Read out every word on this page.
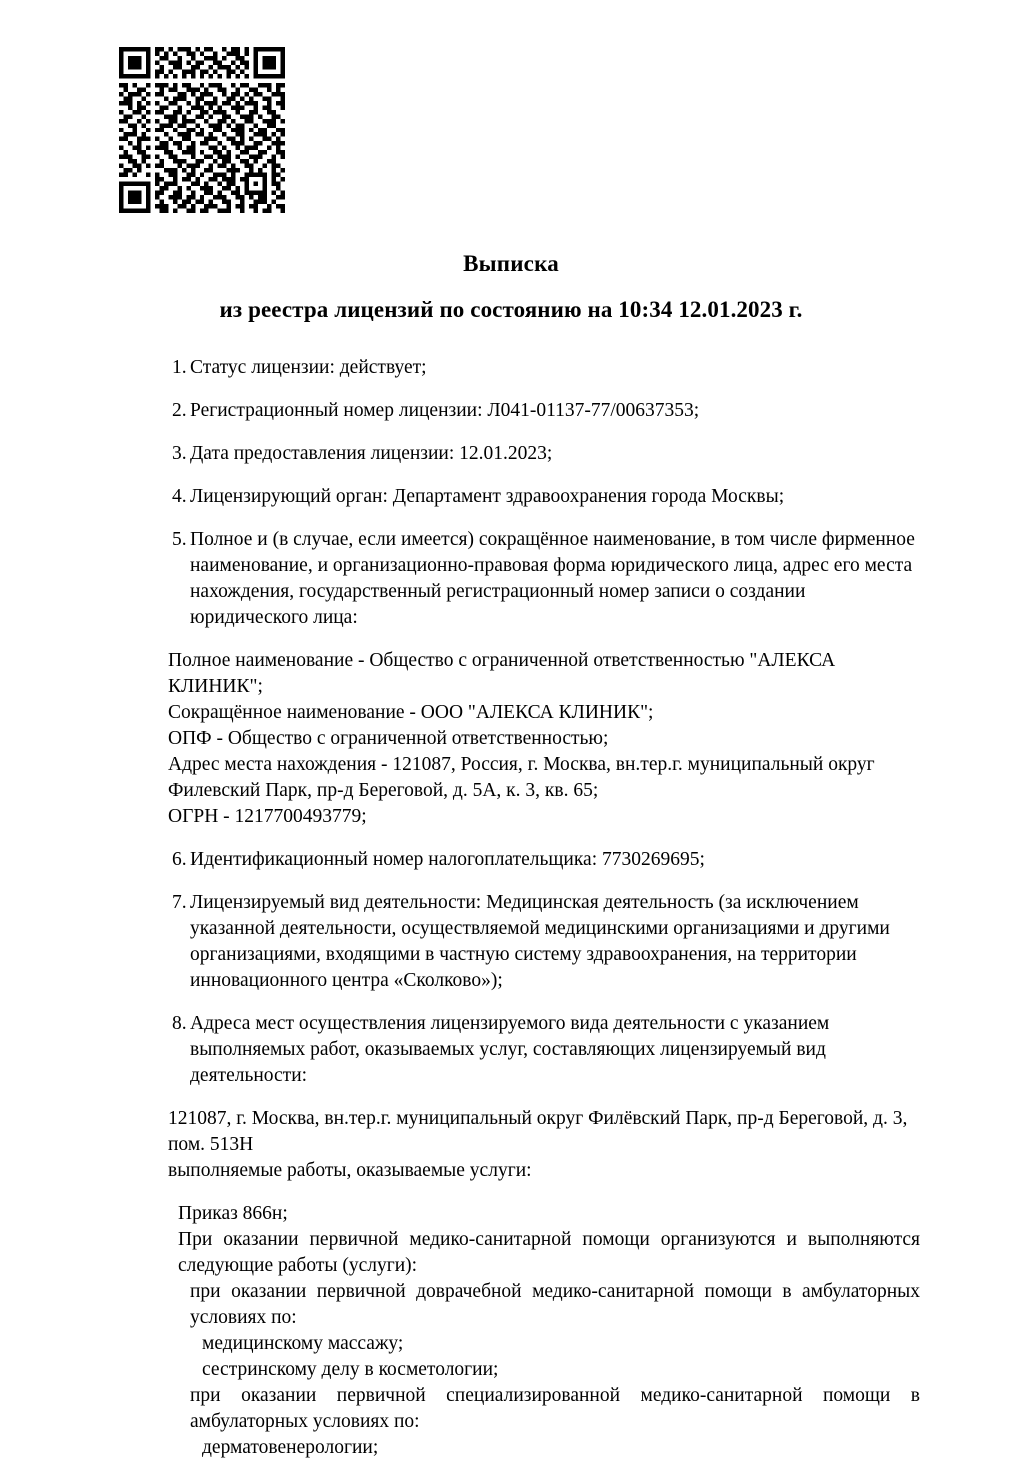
Выписка
из реестра лицензий по состоянию на 10:34 12.01.2023 г.

1. Статус лицензии: действует;

2. Регистрационный номер лицензии: Л041-01137-77/00637353;

3. Дата предоставления лицензии: 12.01.2023;

4. Лицензирующий орган: Департамент здравоохранения города Москвы;

5. Полное и (в случае, если имеется) сокращённое наименование, в том числе фирменное наименование, и организационно-правовая форма юридического лица, адрес его места нахождения, государственный регистрационный номер записи о создании юридического лица:

Полное наименование - Общество с ограниченной ответственностью "АЛЕКСА
КЛИНИК";
Сокращённое наименование - ООО "АЛЕКСА КЛИНИК";
ОПФ - Общество с ограниченной ответственностью;
Адрес места нахождения - 121087, Россия, г. Москва, вн.тер.г. муниципальный округ
Филевский Парк, пр-д Береговой, д. 5А, к. 3, кв. 65;
ОГРН - 1217700493779;

6. Идентификационный номер налогоплательщика: 7730269695;

7. Лицензируемый вид деятельности: Медицинская деятельность (за исключением указанной деятельности, осуществляемой медицинскими организациями и другими организациями, входящими в частную систему здравоохранения, на территории инновационного центра «Сколково»);

8. Адреса мест осуществления лицензируемого вида деятельности с указанием выполняемых работ, оказываемых услуг, составляющих лицензируемый вид деятельности:

121087, г. Москва, вн.тер.г. муниципальный округ Филёвский Парк, пр-д Береговой, д. 3,
пом. 513Н
выполняемые работы, оказываемые услуги:
Приказ 866н;

При оказании первичной медико-санитарной помощи организуются и выполняются следующие работы (услуги):

при оказании первичной доврачебной медико-санитарной помощи в амбулаторных условиях по:

медицинскому массажу;
сестринскому делу в косметологии;

при оказании первичной специализированной медико-санитарной помощи в амбулаторных условиях по:

дерматовенерологии;
